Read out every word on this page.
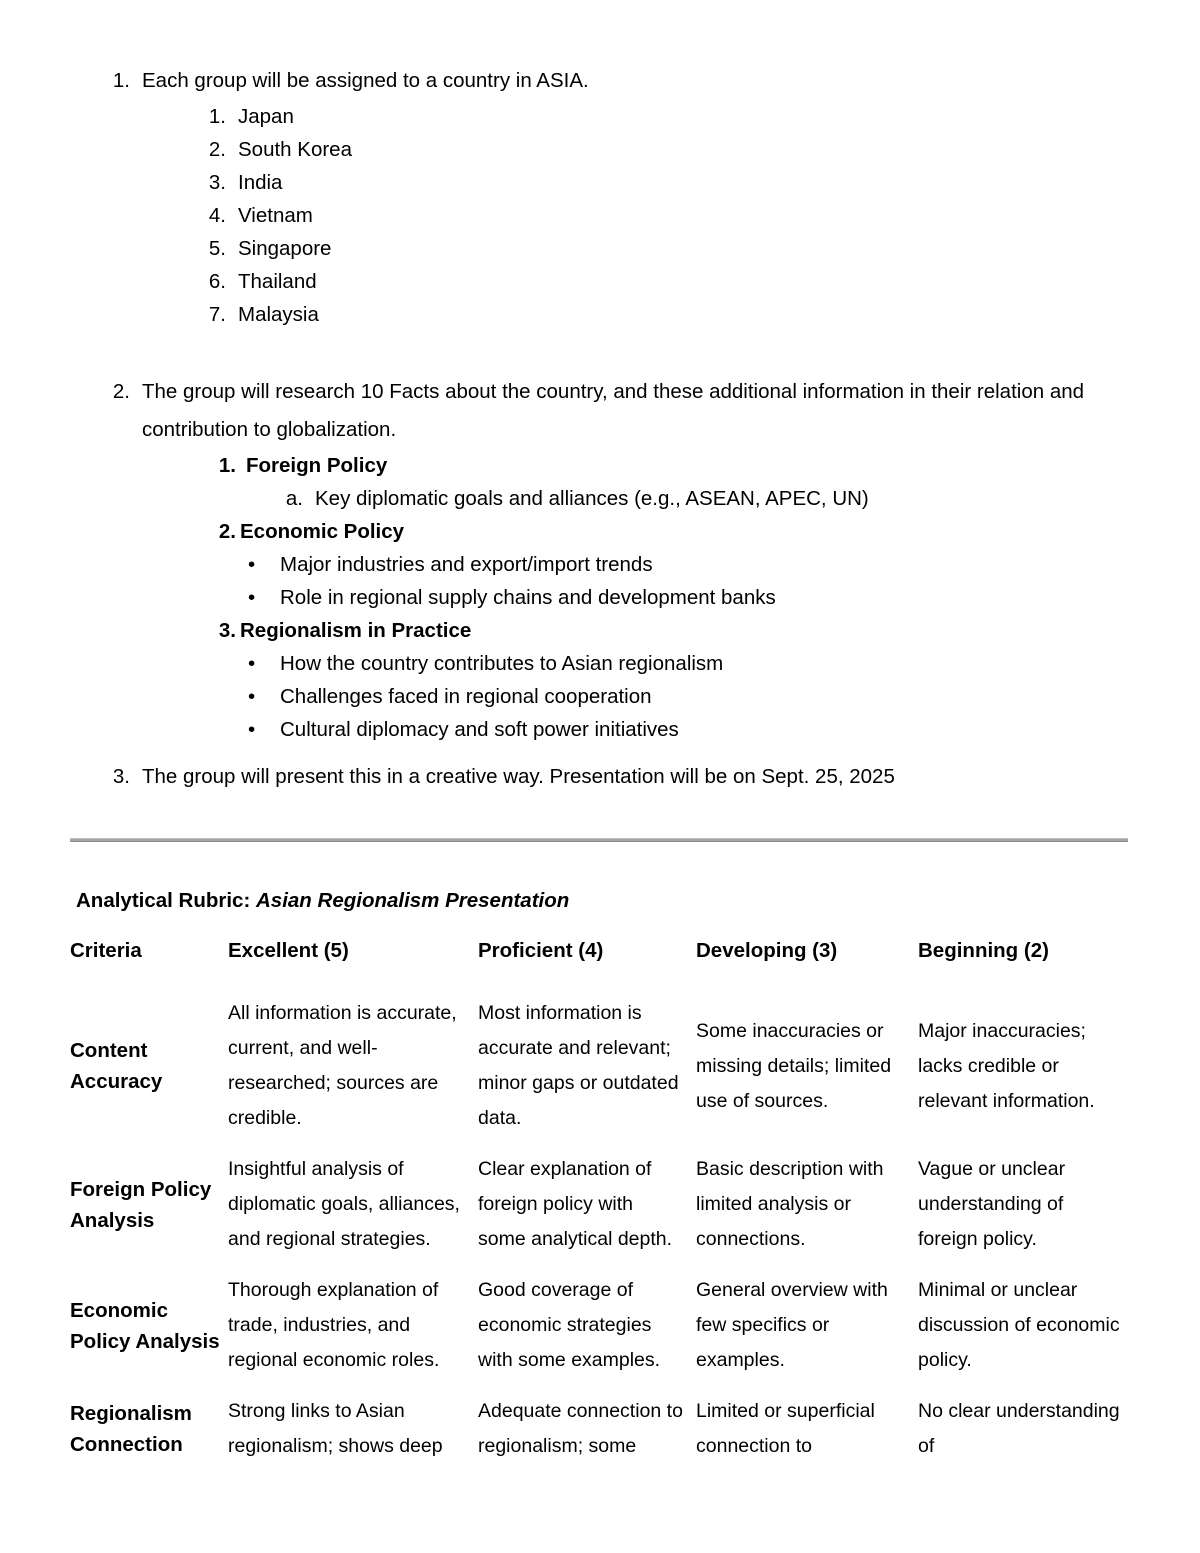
1. Each group will be assigned to a country in ASIA.
1. Japan
2. South Korea
3. India
4. Vietnam
5. Singapore
6. Thailand
7. Malaysia
2. The group will research 10 Facts about the country, and these additional information in their relation and contribution to globalization.
1. Foreign Policy
a. Key diplomatic goals and alliances (e.g., ASEAN, APEC, UN)
2. Economic Policy
• Major industries and export/import trends
• Role in regional supply chains and development banks
3. Regionalism in Practice
• How the country contributes to Asian regionalism
• Challenges faced in regional cooperation
• Cultural diplomacy and soft power initiatives
3. The group will present this in a creative way. Presentation will be on Sept. 25, 2025
Analytical Rubric: Asian Regionalism Presentation
Criteria	Excellent (5)	Proficient (4)	Developing (3)	Beginning (2)
Content Accuracy	All information is accurate, current, and well-researched; sources are credible.	Most information is accurate and relevant; minor gaps or outdated data.	Some inaccuracies or missing details; limited use of sources.	Major inaccuracies; lacks credible or relevant information.
Foreign Policy Analysis	Insightful analysis of diplomatic goals, alliances, and regional strategies.	Clear explanation of foreign policy with some analytical depth.	Basic description with limited analysis or connections.	Vague or unclear understanding of foreign policy.
Economic Policy Analysis	Thorough explanation of trade, industries, and regional economic roles.	Good coverage of economic strategies with some examples.	General overview with few specifics or examples.	Minimal or unclear discussion of economic policy.
Regionalism Connection	Strong links to Asian regionalism; shows deep	Adequate connection to regionalism; some	Limited or superficial connection to	No clear understanding of
